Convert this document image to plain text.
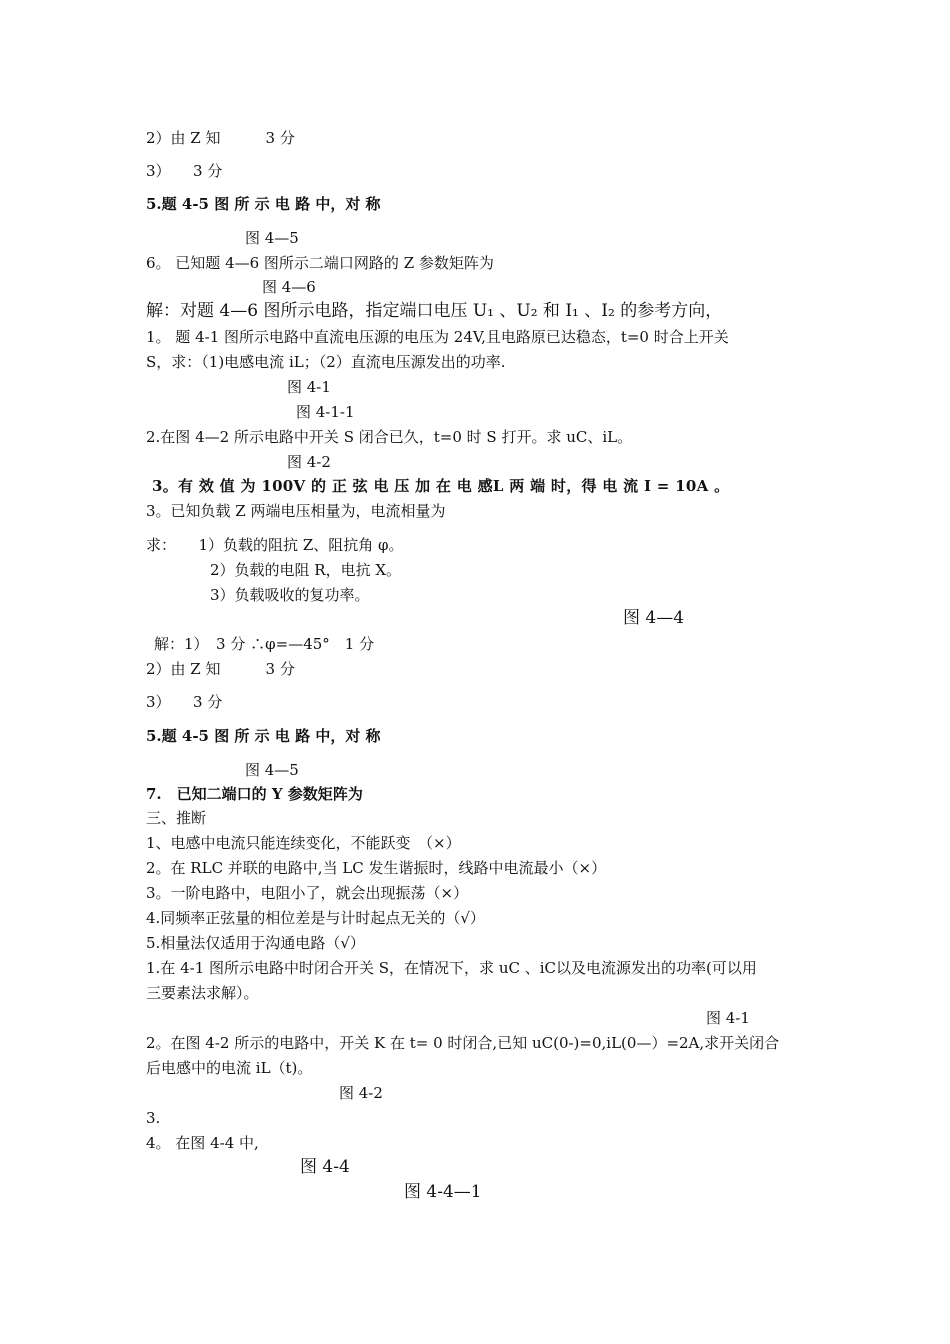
2）由 Z 知　　　3 分
3）　　3 分
5.题 4-5 图 所 示 电 路 中，对 称
图 4—5
6。 已知题 4—6 图所示二端口网路的 Z 参数矩阵为
图 4—6
解：对题 4—6 图所示电路，指定端口电压 U₁ 、U₂ 和 I₁ 、I₂ 的参考方向，
1。 题 4-1 图所示电路中直流电压源的电压为 24V,且电路原已达稳态，t=0 时合上开关
S，求：（1)电感电流 iL；（2）直流电压源发出的功率.
图 4-1
图 4-1-1
2.在图 4—2 所示电路中开关 S 闭合已久，t=0 时 S 打开。求 uC、iL。
图 4-2
3。有 效 值 为 100V 的 正 弦 电 压 加 在 电 感L 两 端 时，得 电 流 I = 10A 。
3。已知负载 Z 两端电压相量为，电流相量为
求：　　1）负载的阻抗 Z、阻抗角 φ。
2）负载的电阻 R，电抗 X。
3）负载吸收的复功率。
图 4—4
解：1）　3 分 ∴φ=—45°　1 分
2）由 Z 知　　　3 分
3）　　3 分
5.题 4-5 图 所 示 电 路 中，对 称
图 4—5
7.　已知二端口的 Y 参数矩阵为
三、推断
1、电感中电流只能连续变化，不能跃变　（×）
2。在 RLC 并联的电路中,当 LC 发生谐振时，线路中电流最小（×）
3。一阶电路中，电阻小了，就会出现振荡（×）
4.同频率正弦量的相位差是与计时起点无关的（√）
5.相量法仅适用于沟通电路（√）
1.在 4-1 图所示电路中时闭合开关 S，在情况下，求 uC 、iC以及电流源发出的功率(可以用
三要素法求解）。
图 4-1
2。在图 4-2 所示的电路中，开关 K 在 t= 0 时闭合,已知 uC(0-)=0,iL(0—）=2A,求开关闭合
后电感中的电流 iL（t)。
图 4-2
3.
4。 在图 4-4 中,
图 4-4
图 4-4—1
